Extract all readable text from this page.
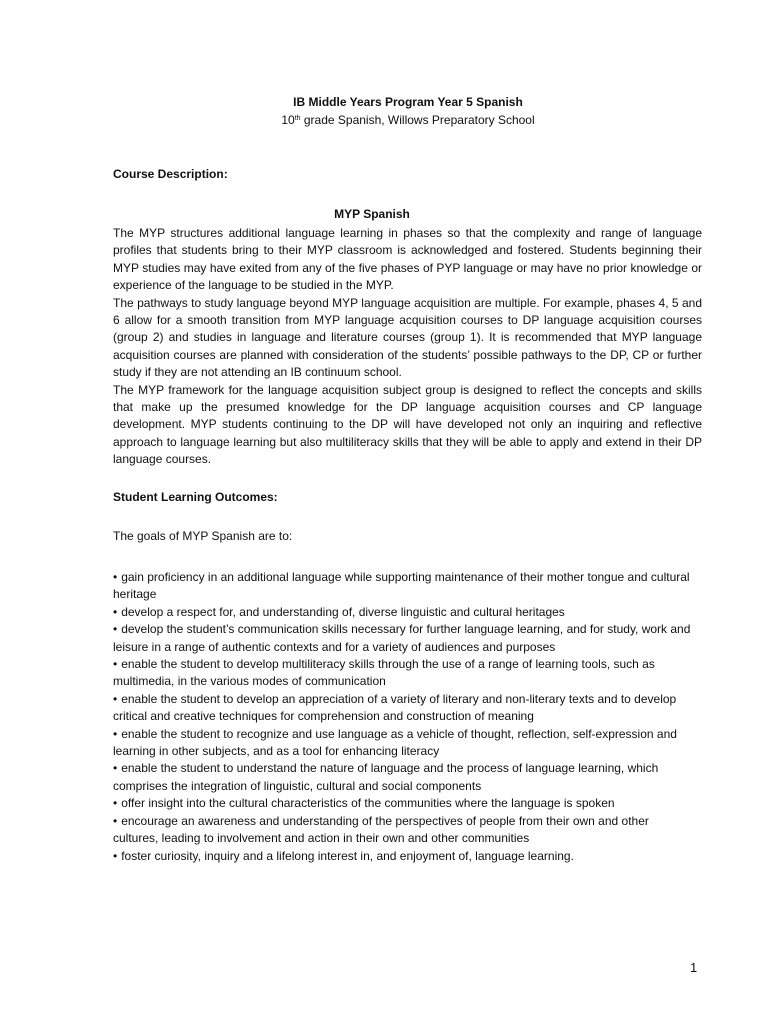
IB Middle Years Program Year 5 Spanish
10th grade Spanish, Willows Preparatory School
Course Description:
MYP Spanish

The MYP structures additional language learning in phases so that the complexity and range of language profiles that students bring to their MYP classroom is acknowledged and fostered. Students beginning their MYP studies may have exited from any of the five phases of PYP language or may have no prior knowledge or experience of the language to be studied in the MYP.

The pathways to study language beyond MYP language acquisition are multiple. For example, phases 4, 5 and 6 allow for a smooth transition from MYP language acquisition courses to DP language acquisition courses (group 2) and studies in language and literature courses (group 1). It is recommended that MYP language acquisition courses are planned with consideration of the students’ possible pathways to the DP, CP or further study if they are not attending an IB continuum school.

The MYP framework for the language acquisition subject group is designed to reflect the concepts and skills that make up the presumed knowledge for the DP language acquisition courses and CP language development. MYP students continuing to the DP will have developed not only an inquiring and reflective approach to language learning but also multiliteracy skills that they will be able to apply and extend in their DP language courses.

Student Learning Outcomes:
The goals of MYP Spanish are to:
• gain proficiency in an additional language while supporting maintenance of their mother tongue and cultural heritage
• develop a respect for, and understanding of, diverse linguistic and cultural heritages
• develop the student’s communication skills necessary for further language learning, and for study, work and leisure in a range of authentic contexts and for a variety of audiences and purposes
• enable the student to develop multiliteracy skills through the use of a range of learning tools, such as multimedia, in the various modes of communication
• enable the student to develop an appreciation of a variety of literary and non-literary texts and to develop critical and creative techniques for comprehension and construction of meaning
• enable the student to recognize and use language as a vehicle of thought, reflection, self-expression and learning in other subjects, and as a tool for enhancing literacy
• enable the student to understand the nature of language and the process of language learning, which comprises the integration of linguistic, cultural and social components
• offer insight into the cultural characteristics of the communities where the language is spoken
• encourage an awareness and understanding of the perspectives of people from their own and other cultures, leading to involvement and action in their own and other communities
• foster curiosity, inquiry and a lifelong interest in, and enjoyment of, language learning.
1
